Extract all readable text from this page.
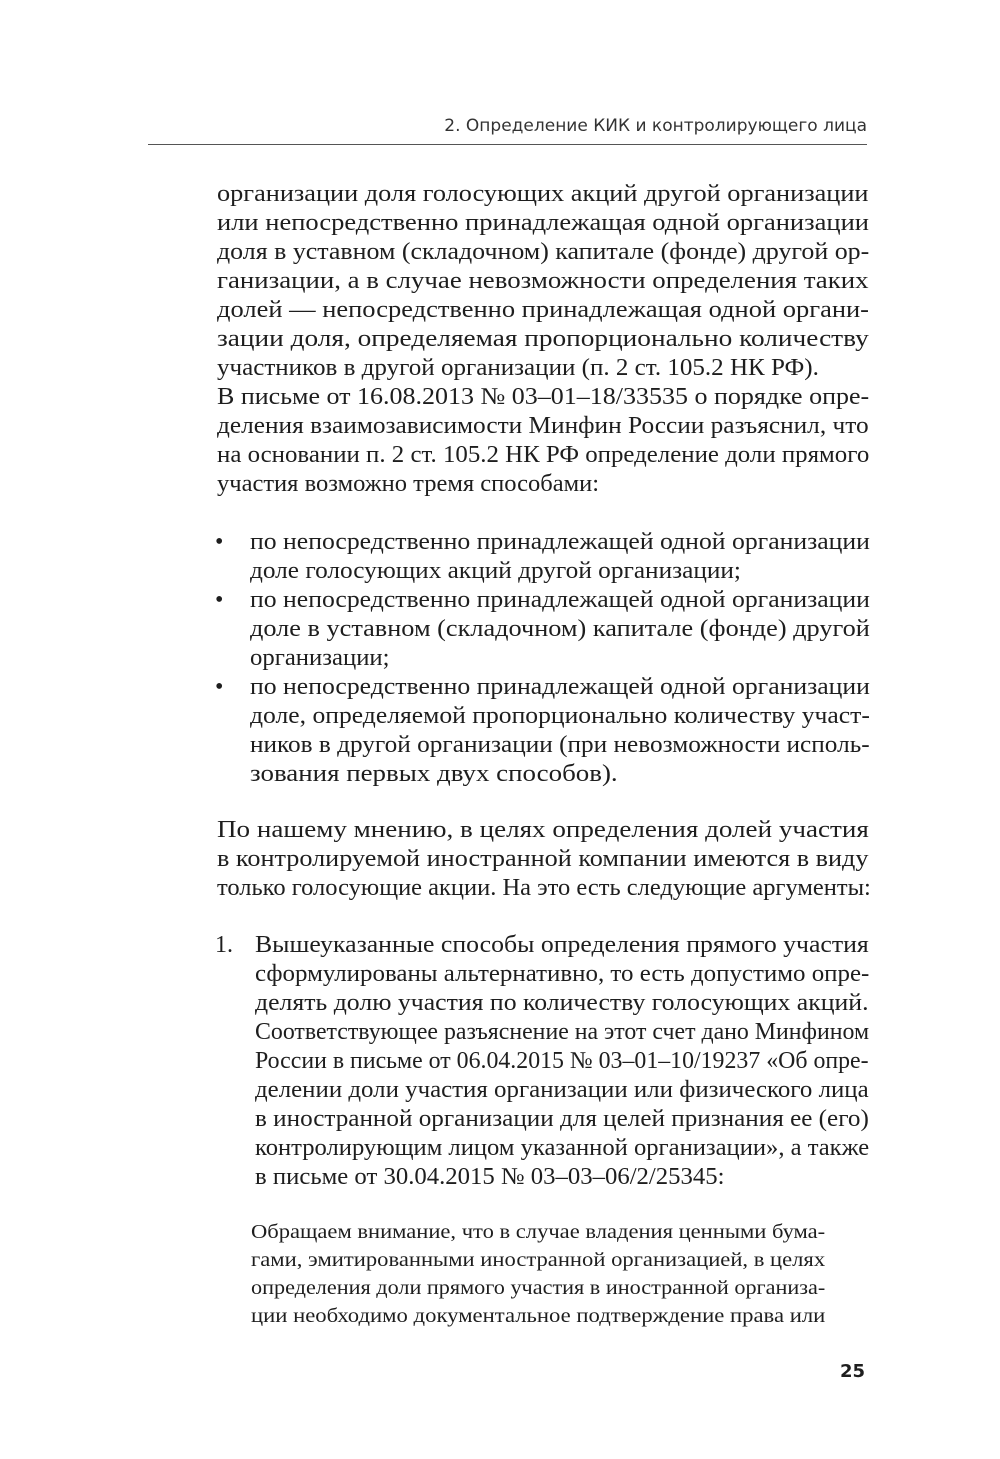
2. Определение КИК и контролирующего лица

организации доля голосующих акций другой организации

или непосредственно принадлежащая одной организации

доля в уставном (складочном) капитале (фонде) другой ор-

ганизации, а в случае невозможности определения таких

долей — непосредственно принадлежащая одной органи-

зации доля, определяемая пропорционально количеству

участников в другой организации (п. 2 ст. 105.2 НК РФ).

В письме от 16.08.2013 № 03–01–18/33535 о порядке опре-

деления взаимозависимости Минфин России разъяснил, что

на основании п. 2 ст. 105.2 НК РФ определение доли прямого

участия возможно тремя способами:

• по непосредственно принадлежащей одной организации

доле голосующих акций другой организации;

• по непосредственно принадлежащей одной организации

доле в уставном (складочном) капитале (фонде) другой

организации;

• по непосредственно принадлежащей одной организации

доле, определяемой пропорционально количеству участ-

ников в другой организации (при невозможности исполь-

зования первых двух способов).

По нашему мнению, в целях определения долей участия

в контролируемой иностранной компании имеются в виду

только голосующие акции. На это есть следующие аргументы:

1. Вышеуказанные способы определения прямого участия

сформулированы альтернативно, то есть допустимо опре-

делять долю участия по количеству голосующих акций.

Соответствующее разъяснение на этот счет дано Минфином

России в письме от 06.04.2015 № 03–01–10/19237 «Об опре-

делении доли участия организации или физического лица

в иностранной организации для целей признания ее (его)

контролирующим лицом указанной организации», а также

в письме от 30.04.2015 № 03–03–06/2/25345:

Обращаем внимание, что в случае владения ценными бума-

гами, эмитированными иностранной организацией, в целях

определения доли прямого участия в иностранной организа-

ции необходимо документальное подтверждение права или

25
